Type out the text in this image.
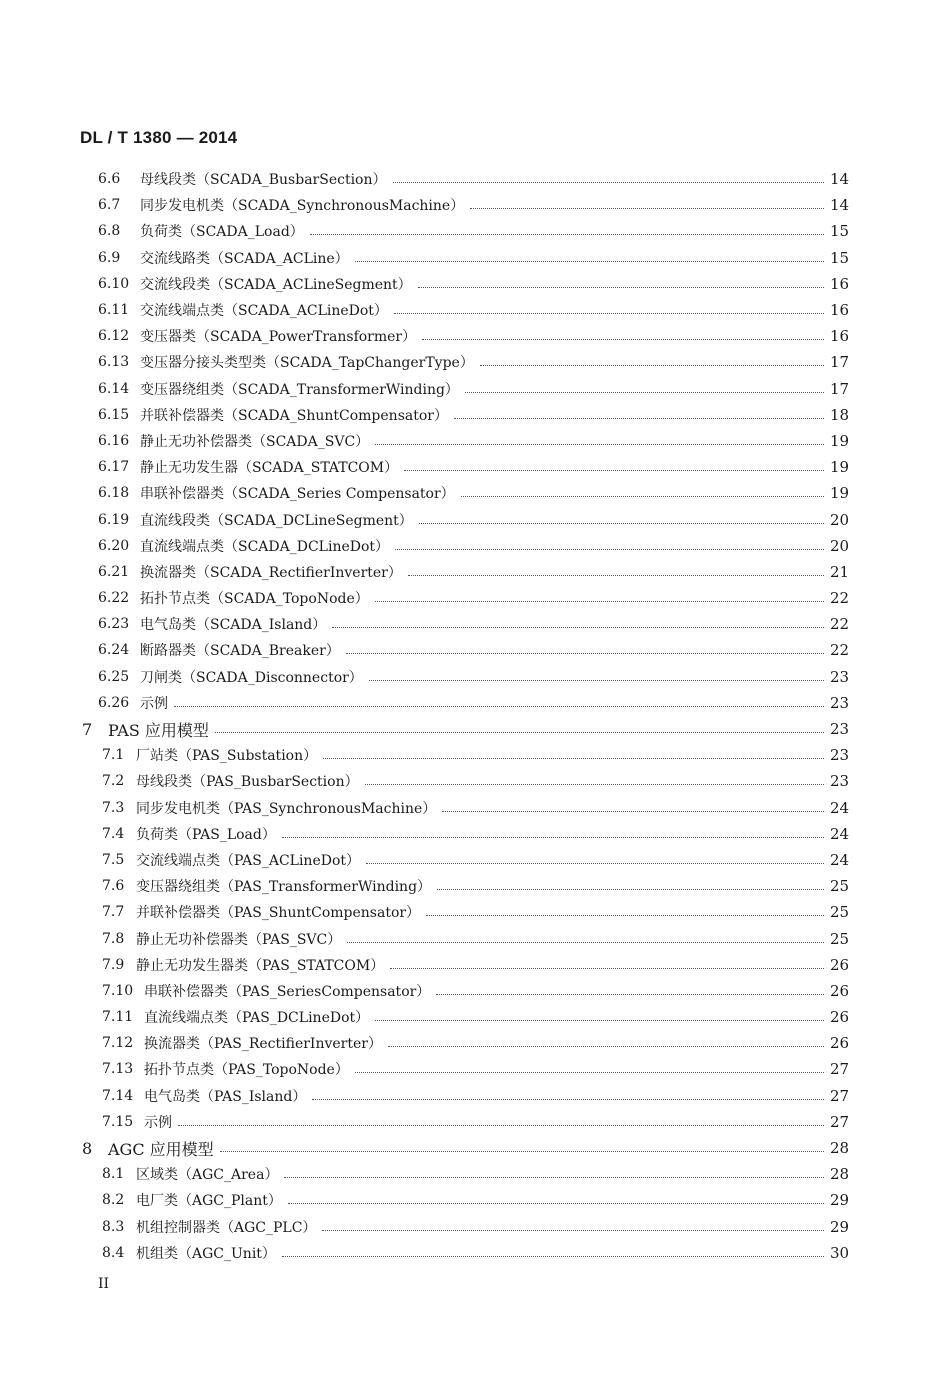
DL / T 1380 — 2014
6.6	母线段类（SCADA_BusbarSection）	14
6.7	同步发电机类（SCADA_SynchronousMachine）	14
6.8	负荷类（SCADA_Load）	15
6.9	交流线路类（SCADA_ACLine）	15
6.10 交流线段类（SCADA_ACLineSegment）	16
6.11 交流线端点类（SCADA_ACLineDot）	16
6.12 变压器类（SCADA_PowerTransformer）	16
6.13 变压器分接头类型类（SCADA_TapChangerType）	17
6.14 变压器绕组类（SCADA_TransformerWinding）	17
6.15 并联补偿器类（SCADA_ShuntCompensator）	18
6.16 静止无功补偿器类（SCADA_SVC）	19
6.17 静止无功发生器（SCADA_STATCOM）	19
6.18 串联补偿器类（SCADA_Series Compensator）	19
6.19 直流线段类（SCADA_DCLineSegment）	20
6.20 直流线端点类（SCADA_DCLineDot）	20
6.21 换流器类（SCADA_RectifierInverter）	21
6.22 拓扑节点类（SCADA_TopoNode）	22
6.23 电气岛类（SCADA_Island）	22
6.24 断路器类（SCADA_Breaker）	22
6.25 刀闸类（SCADA_Disconnector）	23
6.26 示例	23
7 PAS 应用模型	23
7.1 厂站类（PAS_Substation）	23
7.2 母线段类（PAS_BusbarSection）	23
7.3 同步发电机类（PAS_SynchronousMachine）	24
7.4 负荷类（PAS_Load）	24
7.5 交流线端点类（PAS_ACLineDot）	24
7.6 变压器绕组类（PAS_TransformerWinding）	25
7.7 并联补偿器类（PAS_ShuntCompensator）	25
7.8 静止无功补偿器类（PAS_SVC）	25
7.9 静止无功发生器类（PAS_STATCOM）	26
7.10 串联补偿器类（PAS_SeriesCompensator）	26
7.11 直流线端点类（PAS_DCLineDot）	26
7.12 换流器类（PAS_RectifierInverter）	26
7.13 拓扑节点类（PAS_TopoNode）	27
7.14 电气岛类（PAS_Island）	27
7.15 示例	27
8 AGC 应用模型	28
8.1 区域类（AGC_Area）	28
8.2 电厂类（AGC_Plant）	29
8.3 机组控制器类（AGC_PLC）	29
8.4 机组类（AGC_Unit）	30
II
